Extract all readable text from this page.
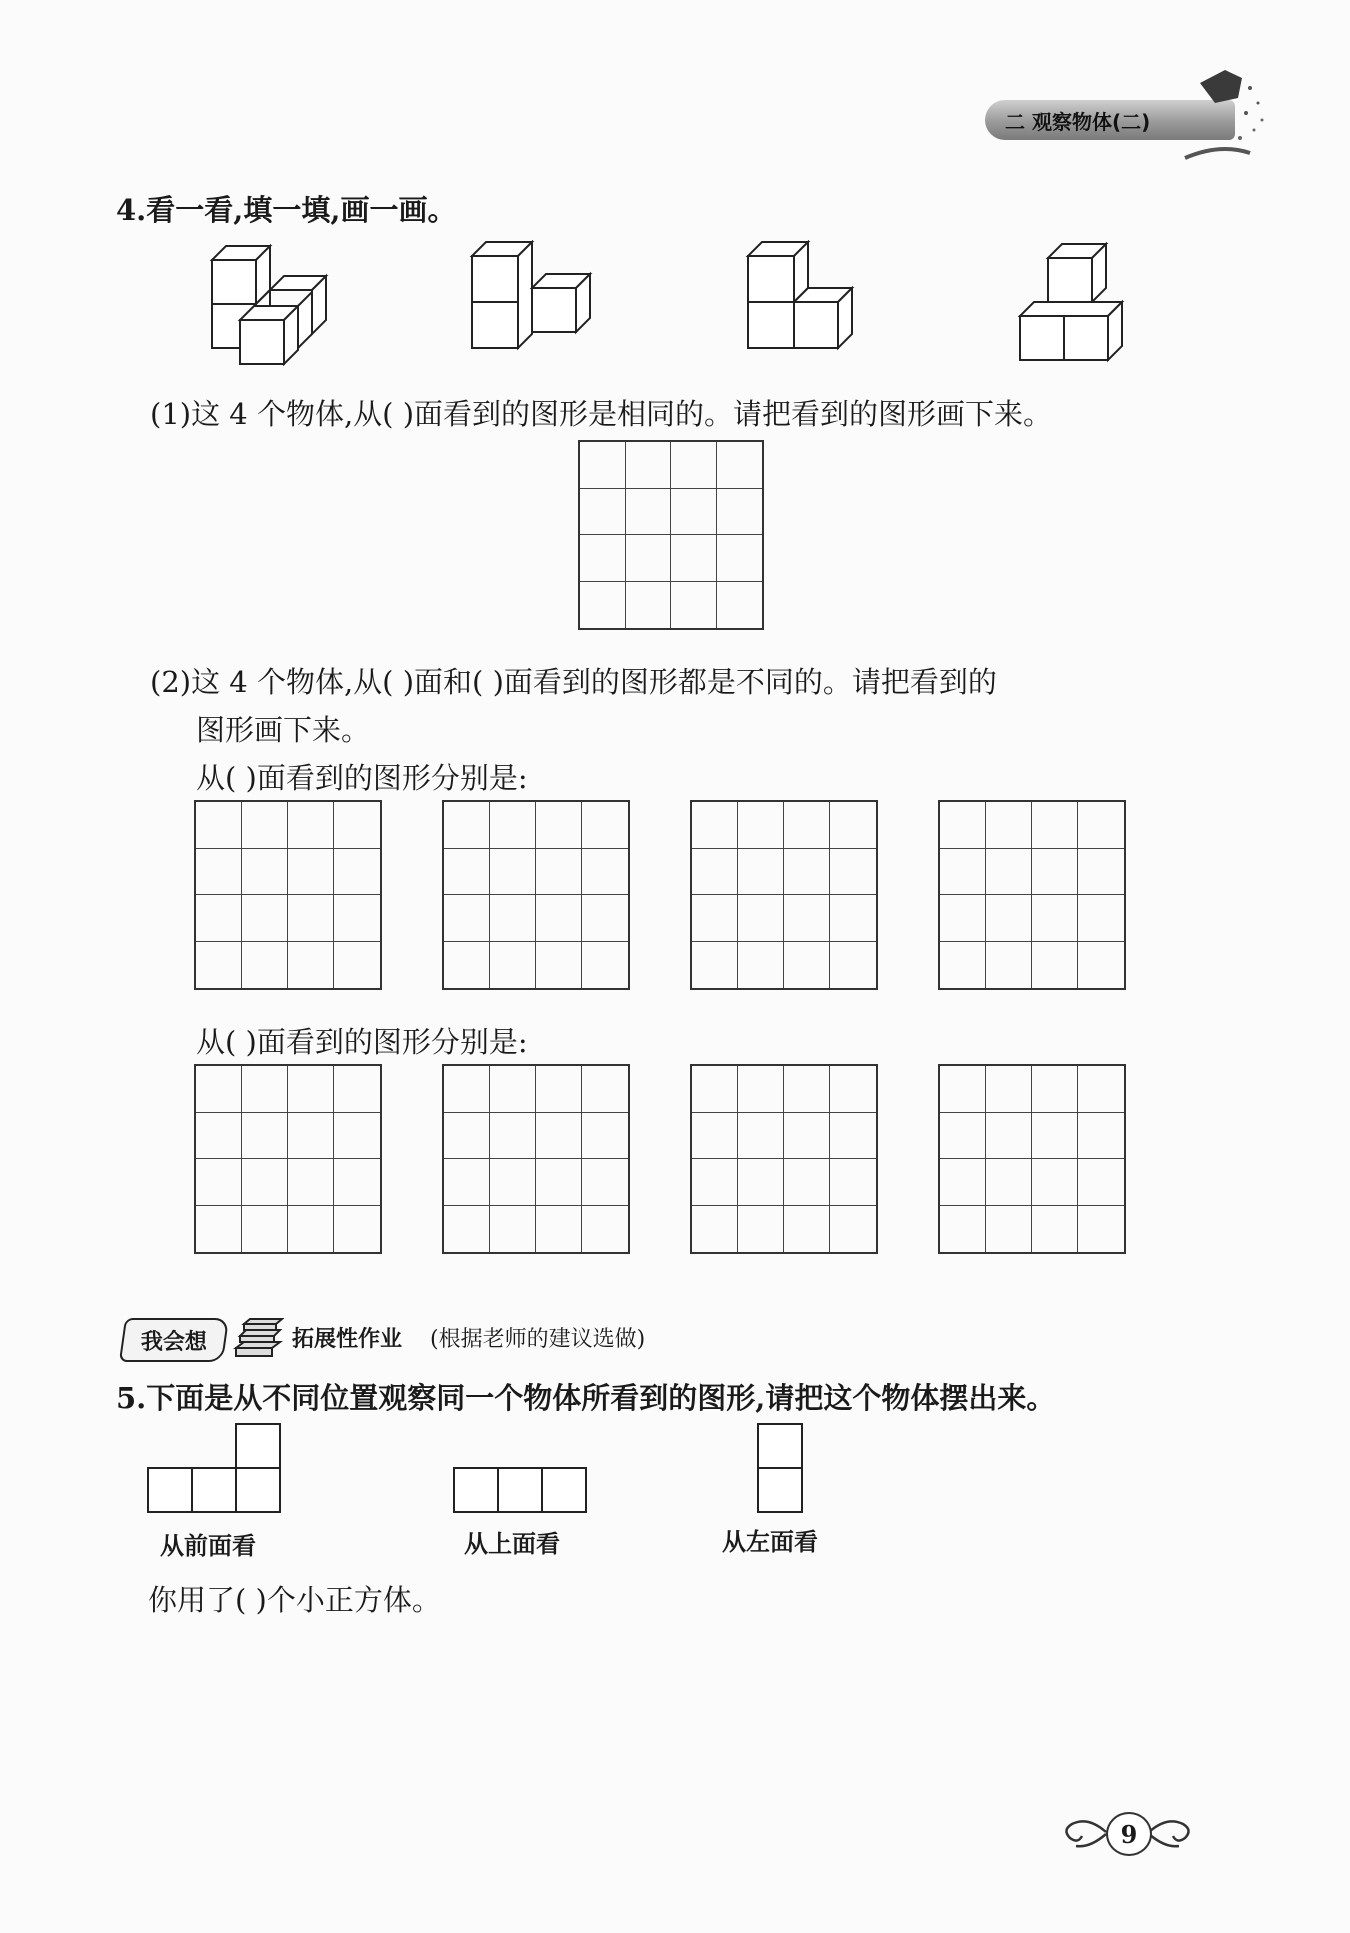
二 观察物体(二)
4.看一看,填一填,画一画。
(1)这 4 个物体,从( )面看到的图形是相同的。请把看到的图形画下来。
(2)这 4 个物体,从( )面和( )面看到的图形都是不同的。请把看到的
图形画下来。
从( )面看到的图形分别是:
从( )面看到的图形分别是:
我会想	拓展性作业 (根据老师的建议选做)
5.下面是从不同位置观察同一个物体所看到的图形,请把这个物体摆出来。
从前面看	从上面看	从左面看
你用了( )个小正方体。
9
